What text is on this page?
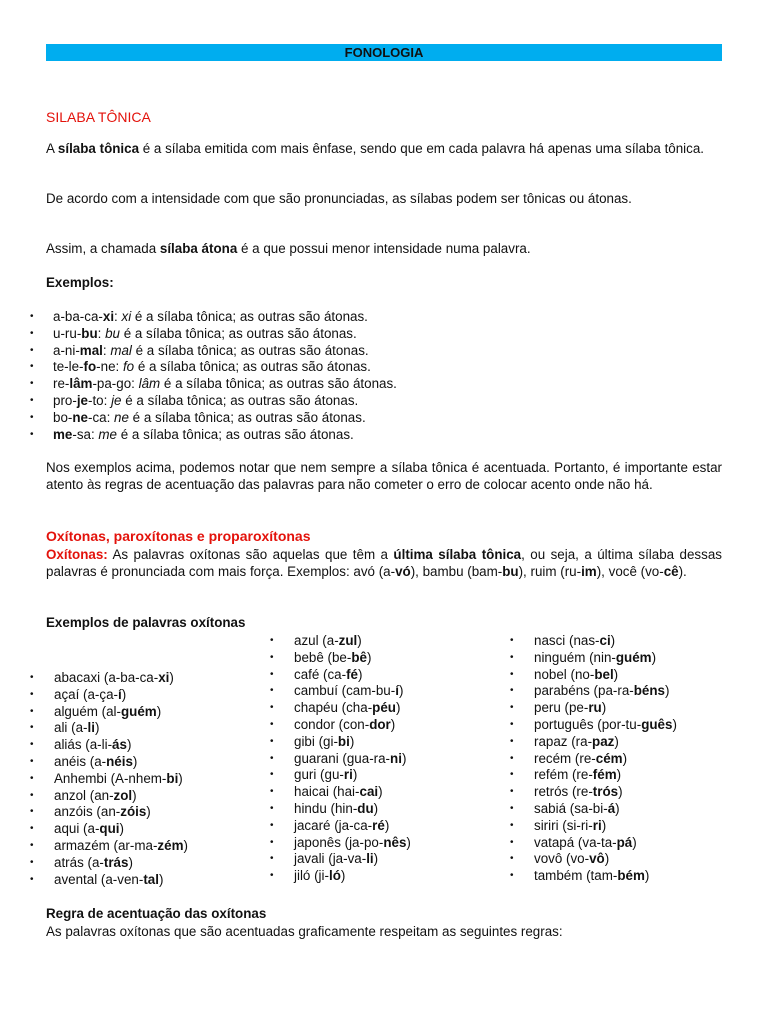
FONOLOGIA
SILABA TÔNICA
A sílaba tônica é a sílaba emitida com mais ênfase, sendo que em cada palavra há apenas uma sílaba tônica.
De acordo com a intensidade com que são pronunciadas, as sílabas podem ser tônicas ou átonas.
Assim, a chamada sílaba átona é a que possui menor intensidade numa palavra.
Exemplos:
• a-ba-ca-xi: xi é a sílaba tônica; as outras são átonas.
• u-ru-bu: bu é a sílaba tônica; as outras são átonas.
• a-ni-mal: mal é a sílaba tônica; as outras são átonas.
• te-le-fo-ne: fo é a sílaba tônica; as outras são átonas.
• re-lâm-pa-go: lâm é a sílaba tônica; as outras são átonas.
• pro-je-to: je é a sílaba tônica; as outras são átonas.
• bo-ne-ca: ne é a sílaba tônica; as outras são átonas.
• me-sa: me é a sílaba tônica; as outras são átonas.
Nos exemplos acima, podemos notar que nem sempre a sílaba tônica é acentuada. Portanto, é importante estar atento às regras de acentuação das palavras para não cometer o erro de colocar acento onde não há.
Oxítonas, paroxítonas e proparoxítonas
Oxítonas: As palavras oxítonas são aquelas que têm a última sílaba tônica, ou seja, a última sílaba dessas palavras é pronunciada com mais força. Exemplos: avó (a-vó), bambu (bam-bu), ruim (ru-im), você (vo-cê).
Exemplos de palavras oxítonas
• abacaxi (a-ba-ca-xi)
• açaí (a-ça-í)
• alguém (al-guém)
• ali (a-li)
• aliás (a-li-ás)
• anéis (a-néis)
• Anhembi (A-nhem-bi)
• anzol (an-zol)
• anzóis (an-zóis)
• aqui (a-qui)
• armazém (ar-ma-zém)
• atrás (a-trás)
• avental (a-ven-tal)
• azul (a-zul)
• bebê (be-bê)
• café (ca-fé)
• cambuí (cam-bu-í)
• chapéu (cha-péu)
• condor (con-dor)
• gibi (gi-bi)
• guarani (gua-ra-ni)
• guri (gu-ri)
• haicai (hai-cai)
• hindu (hin-du)
• jacaré (ja-ca-ré)
• japonês (ja-po-nês)
• javali (ja-va-li)
• jiló (ji-ló)
• nasci (nas-ci)
• ninguém (nin-guém)
• nobel (no-bel)
• parabéns (pa-ra-béns)
• peru (pe-ru)
• português (por-tu-guês)
• rapaz (ra-paz)
• recém (re-cém)
• refém (re-fém)
• retrós (re-trós)
• sabiá (sa-bi-á)
• siriri (si-ri-ri)
• vatapá (va-ta-pá)
• vovô (vo-vô)
• também (tam-bém)
Regra de acentuação das oxítonas
As palavras oxítonas que são acentuadas graficamente respeitam as seguintes regras:
